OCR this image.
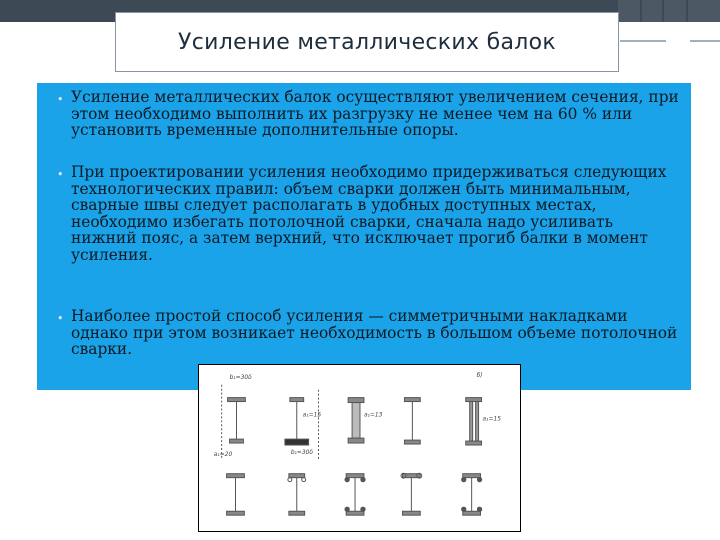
Усиление металлических балок
• Усиление металлических балок осуществляют увеличением сечения, при этом необходимо выполнить их разгрузку не менее чем на 60 % или установить временные дополнительные опоры.

• При проектировании усиления необходимо придерживаться следующих технологических правил: объем сварки должен быть минимальным, сварные швы следует располагать в удобных доступных местах, необходимо избегать потолочной сварки, сначала надо усиливать нижний пояс, а затем верхний, что исключает прогиб балки в момент усиления.

• Наиболее простой способ усиления — симметричными накладками однако при этом возникает необходимость в большом объеме потолочной сварки.

b₁=30δ
a₁=20
a₁=15
b₁=30δ
a₁=13
a₁=15
б)
